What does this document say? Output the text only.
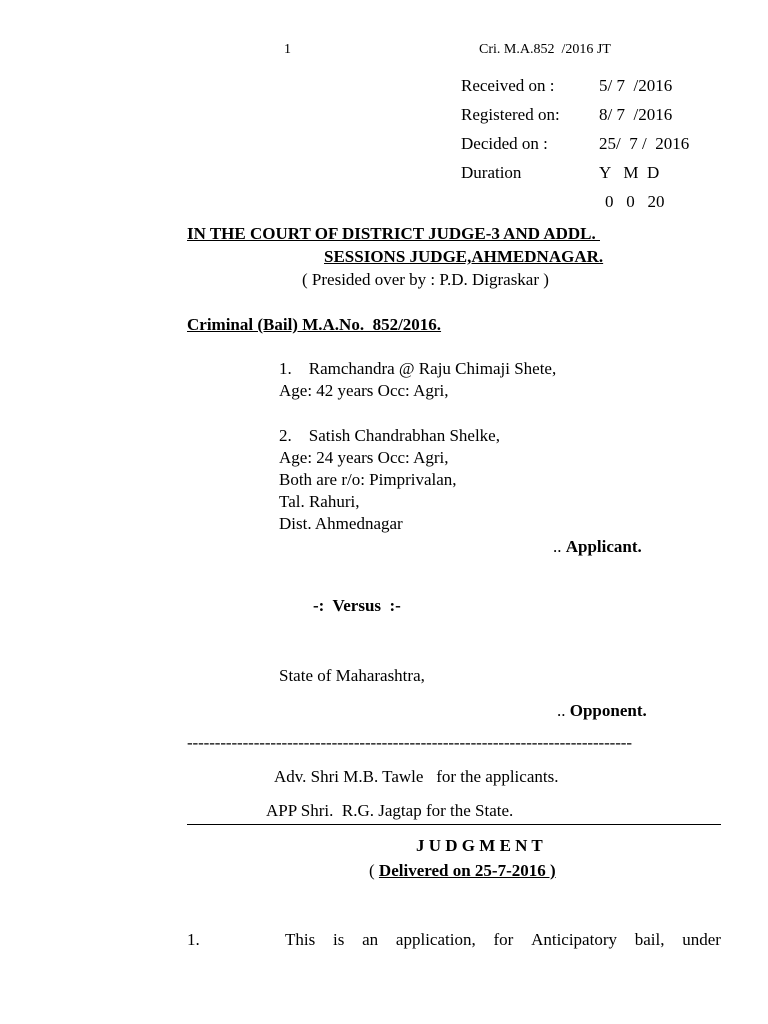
1	Cri. M.A.852  /2016 JT
Received on :	5/ 7  /2016
Registered on: 8/ 7  /2016
Decided on :	25/  7 /  2016
Duration	Y   M  D
0   0   20
IN THE COURT OF DISTRICT JUDGE-3 AND ADDL.
SESSIONS JUDGE,AHMEDNAGAR.
( Presided over by : P.D. Digraskar )
Criminal (Bail) M.A.No.  852/2016.
1.    Ramchandra @ Raju Chimaji Shete,
Age: 42 years Occ: Agri,
2.    Satish Chandrabhan Shelke,
Age: 24 years Occ: Agri,
Both are r/o: Pimprivalan,
Tal. Rahuri,
Dist. Ahmednagar
.. Applicant.
-:  Versus  :-
State of Maharashtra,
.. Opponent.
--------------------------------------------------------------------------------
Adv. Shri M.B. Tawle   for the applicants.
APP Shri.  R.G. Jagtap for the State.
J U D G M E N T
( Delivered on 25-7-2016 )
1.	This is an application, for Anticipatory bail, under
